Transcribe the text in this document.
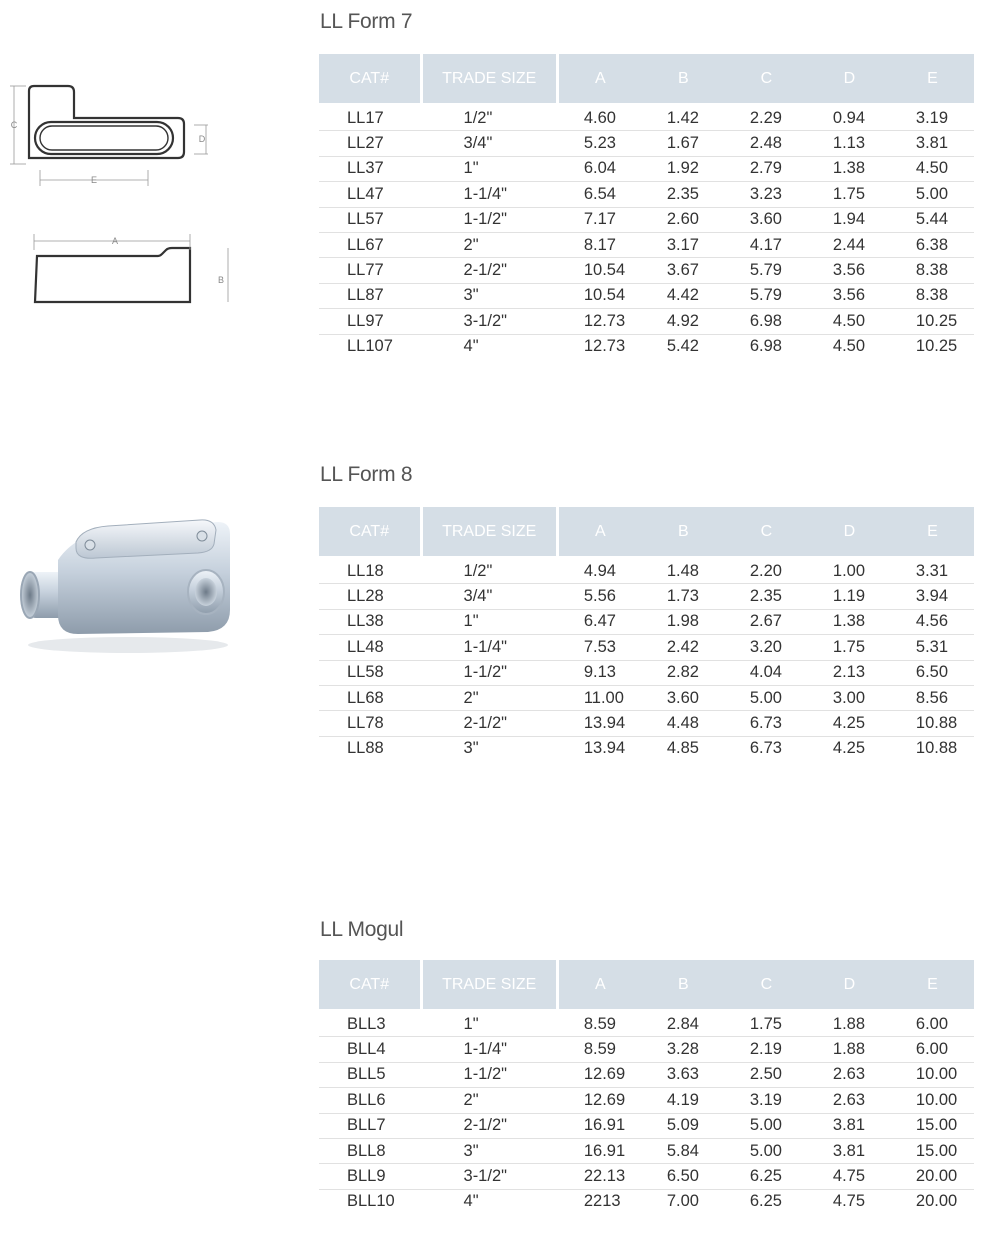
C
D
E
A
B
LL Form 7
CAT#	TRADE SIZE	A	B	C	D	E
LL17	1/2"	4.60	1.42	2.29	0.94	3.19
LL27	3/4"	5.23	1.67	2.48	1.13	3.81
LL37	1"	6.04	1.92	2.79	1.38	4.50
LL47	1-1/4"	6.54	2.35	3.23	1.75	5.00
LL57	1-1/2"	7.17	2.60	3.60	1.94	5.44
LL67	2"	8.17	3.17	4.17	2.44	6.38
LL77	2-1/2"	10.54	3.67	5.79	3.56	8.38
LL87	3"	10.54	4.42	5.79	3.56	8.38
LL97	3-1/2"	12.73	4.92	6.98	4.50	10.25
LL107	4"	12.73	5.42	6.98	4.50	10.25
LL Form 8
CAT#	TRADE SIZE	A	B	C	D	E
LL18	1/2"	4.94	1.48	2.20	1.00	3.31
LL28	3/4"	5.56	1.73	2.35	1.19	3.94
LL38	1"	6.47	1.98	2.67	1.38	4.56
LL48	1-1/4"	7.53	2.42	3.20	1.75	5.31
LL58	1-1/2"	9.13	2.82	4.04	2.13	6.50
LL68	2"	11.00	3.60	5.00	3.00	8.56
LL78	2-1/2"	13.94	4.48	6.73	4.25	10.88
LL88	3"	13.94	4.85	6.73	4.25	10.88
LL Mogul
CAT#	TRADE SIZE	A	B	C	D	E
BLL3	1"	8.59	2.84	1.75	1.88	6.00
BLL4	1-1/4"	8.59	3.28	2.19	1.88	6.00
BLL5	1-1/2"	12.69	3.63	2.50	2.63	10.00
BLL6	2"	12.69	4.19	3.19	2.63	10.00
BLL7	2-1/2"	16.91	5.09	5.00	3.81	15.00
BLL8	3"	16.91	5.84	5.00	3.81	15.00
BLL9	3-1/2"	22.13	6.50	6.25	4.75	20.00
BLL10	4"	2213	7.00	6.25	4.75	20.00
